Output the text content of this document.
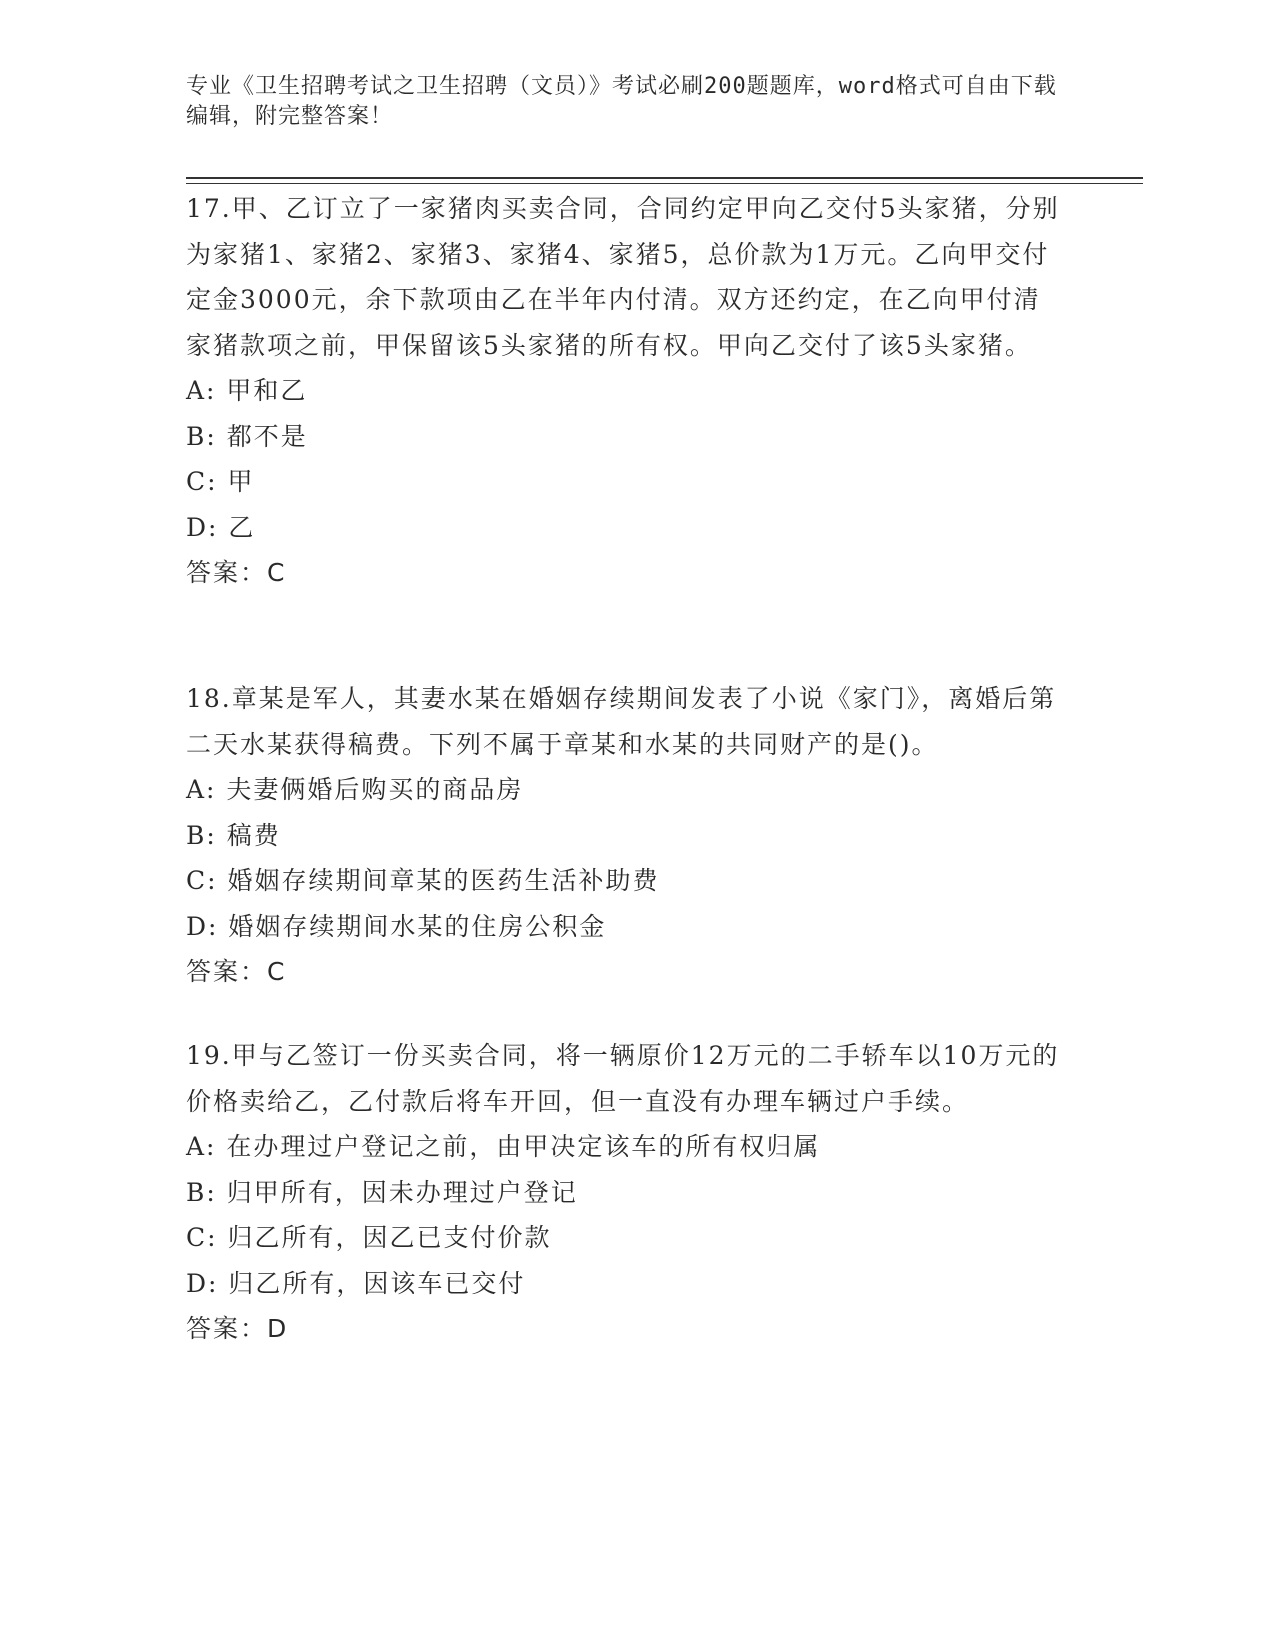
专业《卫生招聘考试之卫生招聘（文员）》考试必刷200题题库，word格式可自由下载编辑，附完整答案！
17.甲、乙订立了一家猪肉买卖合同，合同约定甲向乙交付5头家猪，分别为家猪1、家猪2、家猪3、家猪4、家猪5，总价款为1万元。乙向甲交付定金3000元，余下款项由乙在半年内付清。双方还约定，在乙向甲付清家猪款项之前，甲保留该5头家猪的所有权。甲向乙交付了该5头家猪。
A: 甲和乙
B: 都不是
C: 甲
D: 乙
答案：C
18.章某是军人，其妻水某在婚姻存续期间发表了小说《家门》，离婚后第二天水某获得稿费。下列不属于章某和水某的共同财产的是()。
A: 夫妻俩婚后购买的商品房
B: 稿费
C: 婚姻存续期间章某的医药生活补助费
D: 婚姻存续期间水某的住房公积金
答案：C
19.甲与乙签订一份买卖合同，将一辆原价12万元的二手轿车以10万元的价格卖给乙，乙付款后将车开回，但一直没有办理车辆过户手续。
A: 在办理过户登记之前，由甲决定该车的所有权归属
B: 归甲所有，因未办理过户登记
C: 归乙所有，因乙已支付价款
D: 归乙所有，因该车已交付
答案：D
